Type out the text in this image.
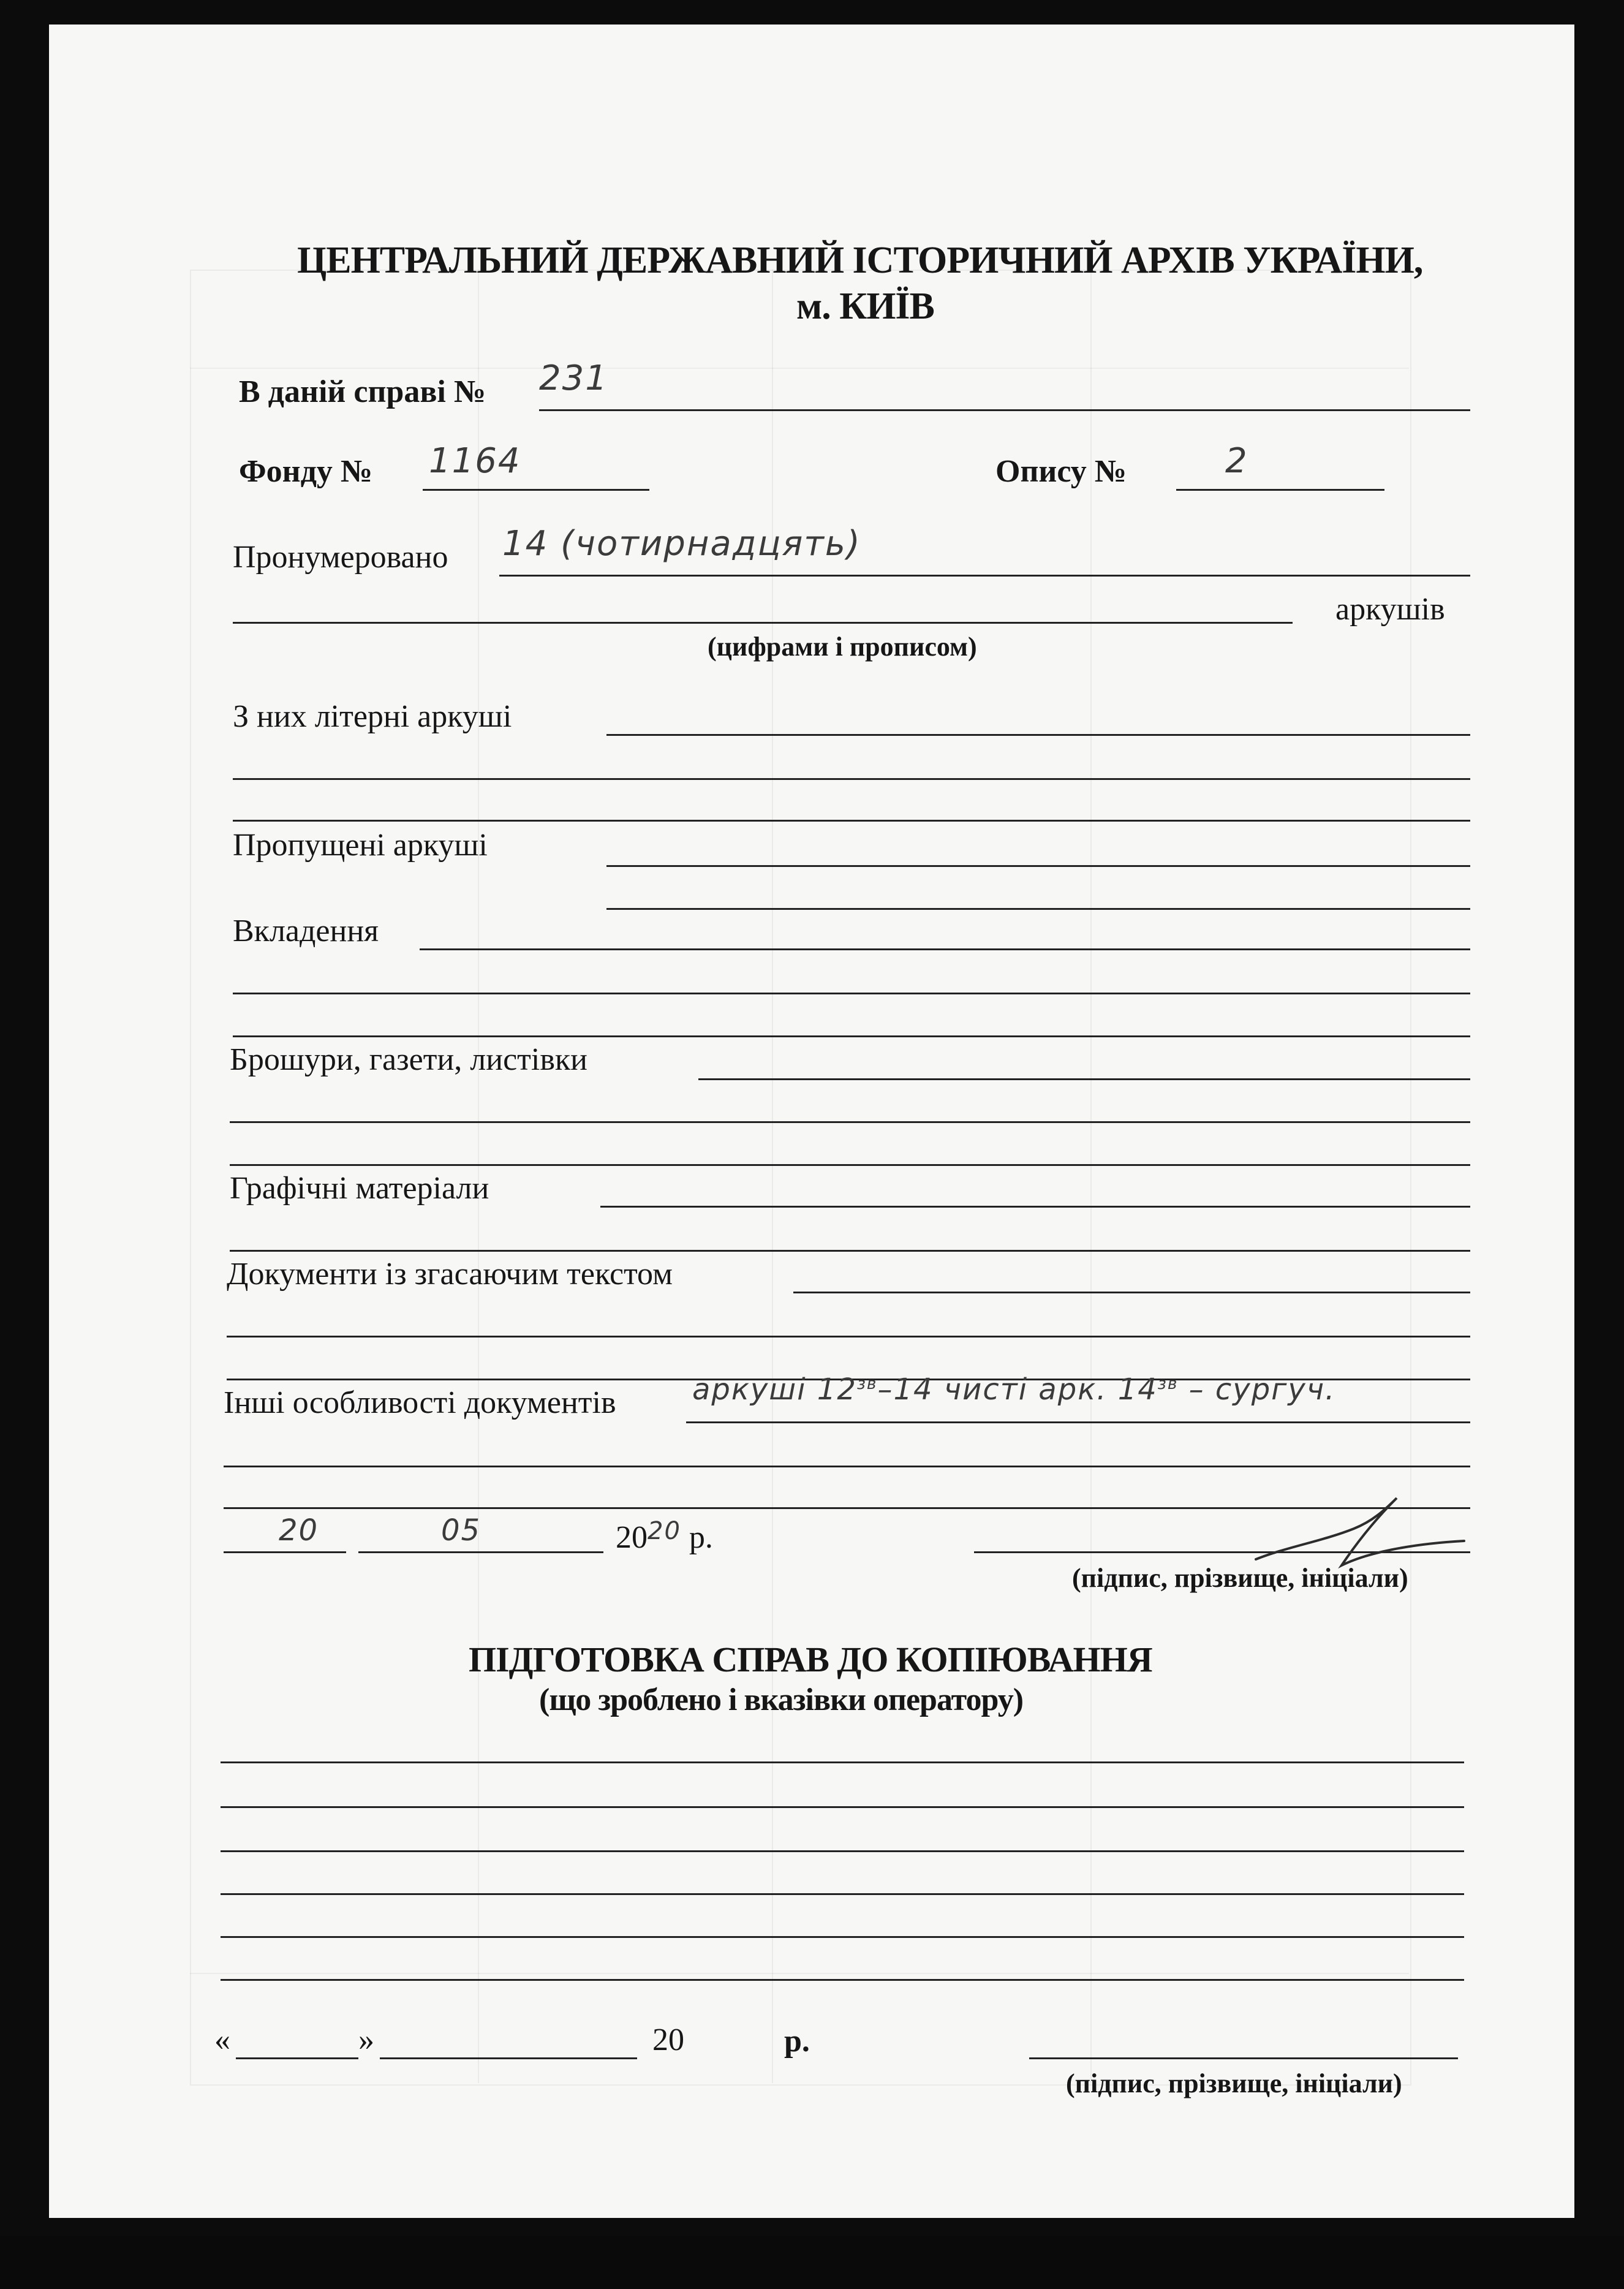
ЦЕНТРАЛЬНИЙ ДЕРЖАВНИЙ ІСТОРИЧНИЙ АРХІВ УКРАЇНИ,
м. КИЇВ
В даній справі № 231
Фонду № 1164	Опису №	2
Пронумеровано 14 (чотирнадцять)
аркушів
(цифрами і прописом)
З них літерні аркуші
Пропущені аркуші
Вкладення
Брошури, газети, листівки
Графічні матеріали
Документи із згасаючим текстом
Інші особливості документів	аркуші $12^{зв}-14$ чисті арк. $14^{зв}$ – сургуч.
20	05	$20^{20}$ р.
(підпис, прізвище, ініціали)
ПІДГОТОВКА СПРАВ ДО КОПІЮВАННЯ
(що зроблено і вказівки оператору)
«	»	20	р.
(підпис, прізвище, ініціали)
